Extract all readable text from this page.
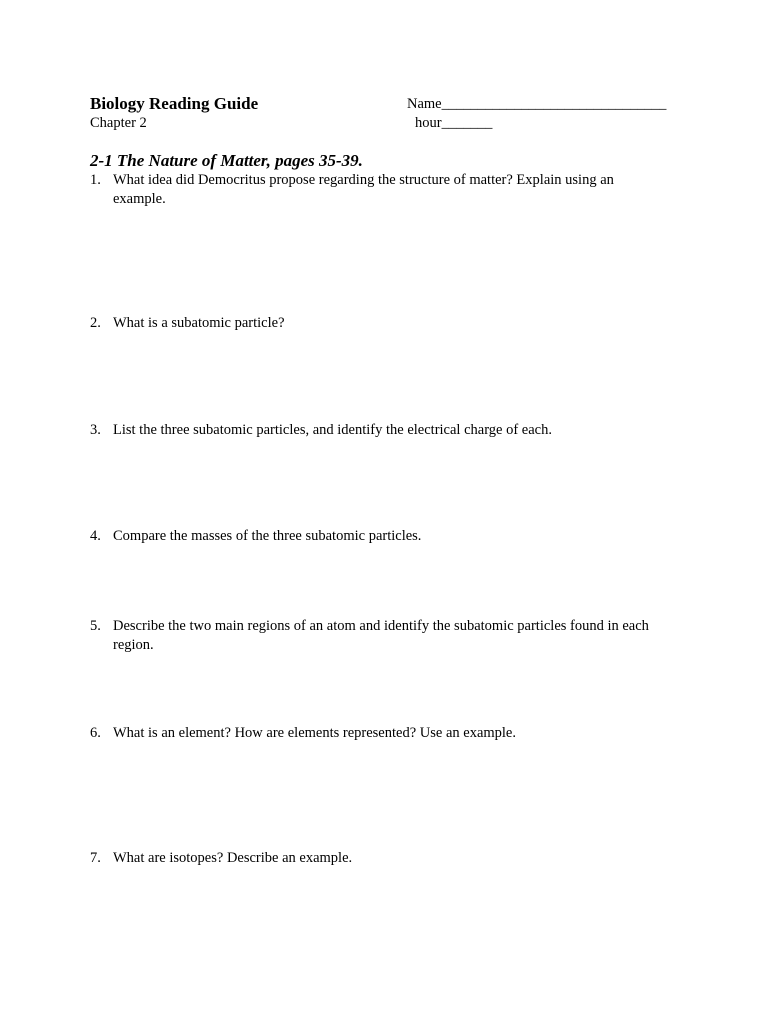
Biology Reading Guide
Chapter 2
Name_______________________________
hour_______
2-1 The Nature of Matter, pages 35-39.
1. What idea did Democritus propose regarding the structure of matter? Explain using an example.
2. What is a subatomic particle?
3. List the three subatomic particles, and identify the electrical charge of each.
4. Compare the masses of the three subatomic particles.
5. Describe the two main regions of an atom and identify the subatomic particles found in each region.
6. What is an element? How are elements represented? Use an example.
7. What are isotopes? Describe an example.
